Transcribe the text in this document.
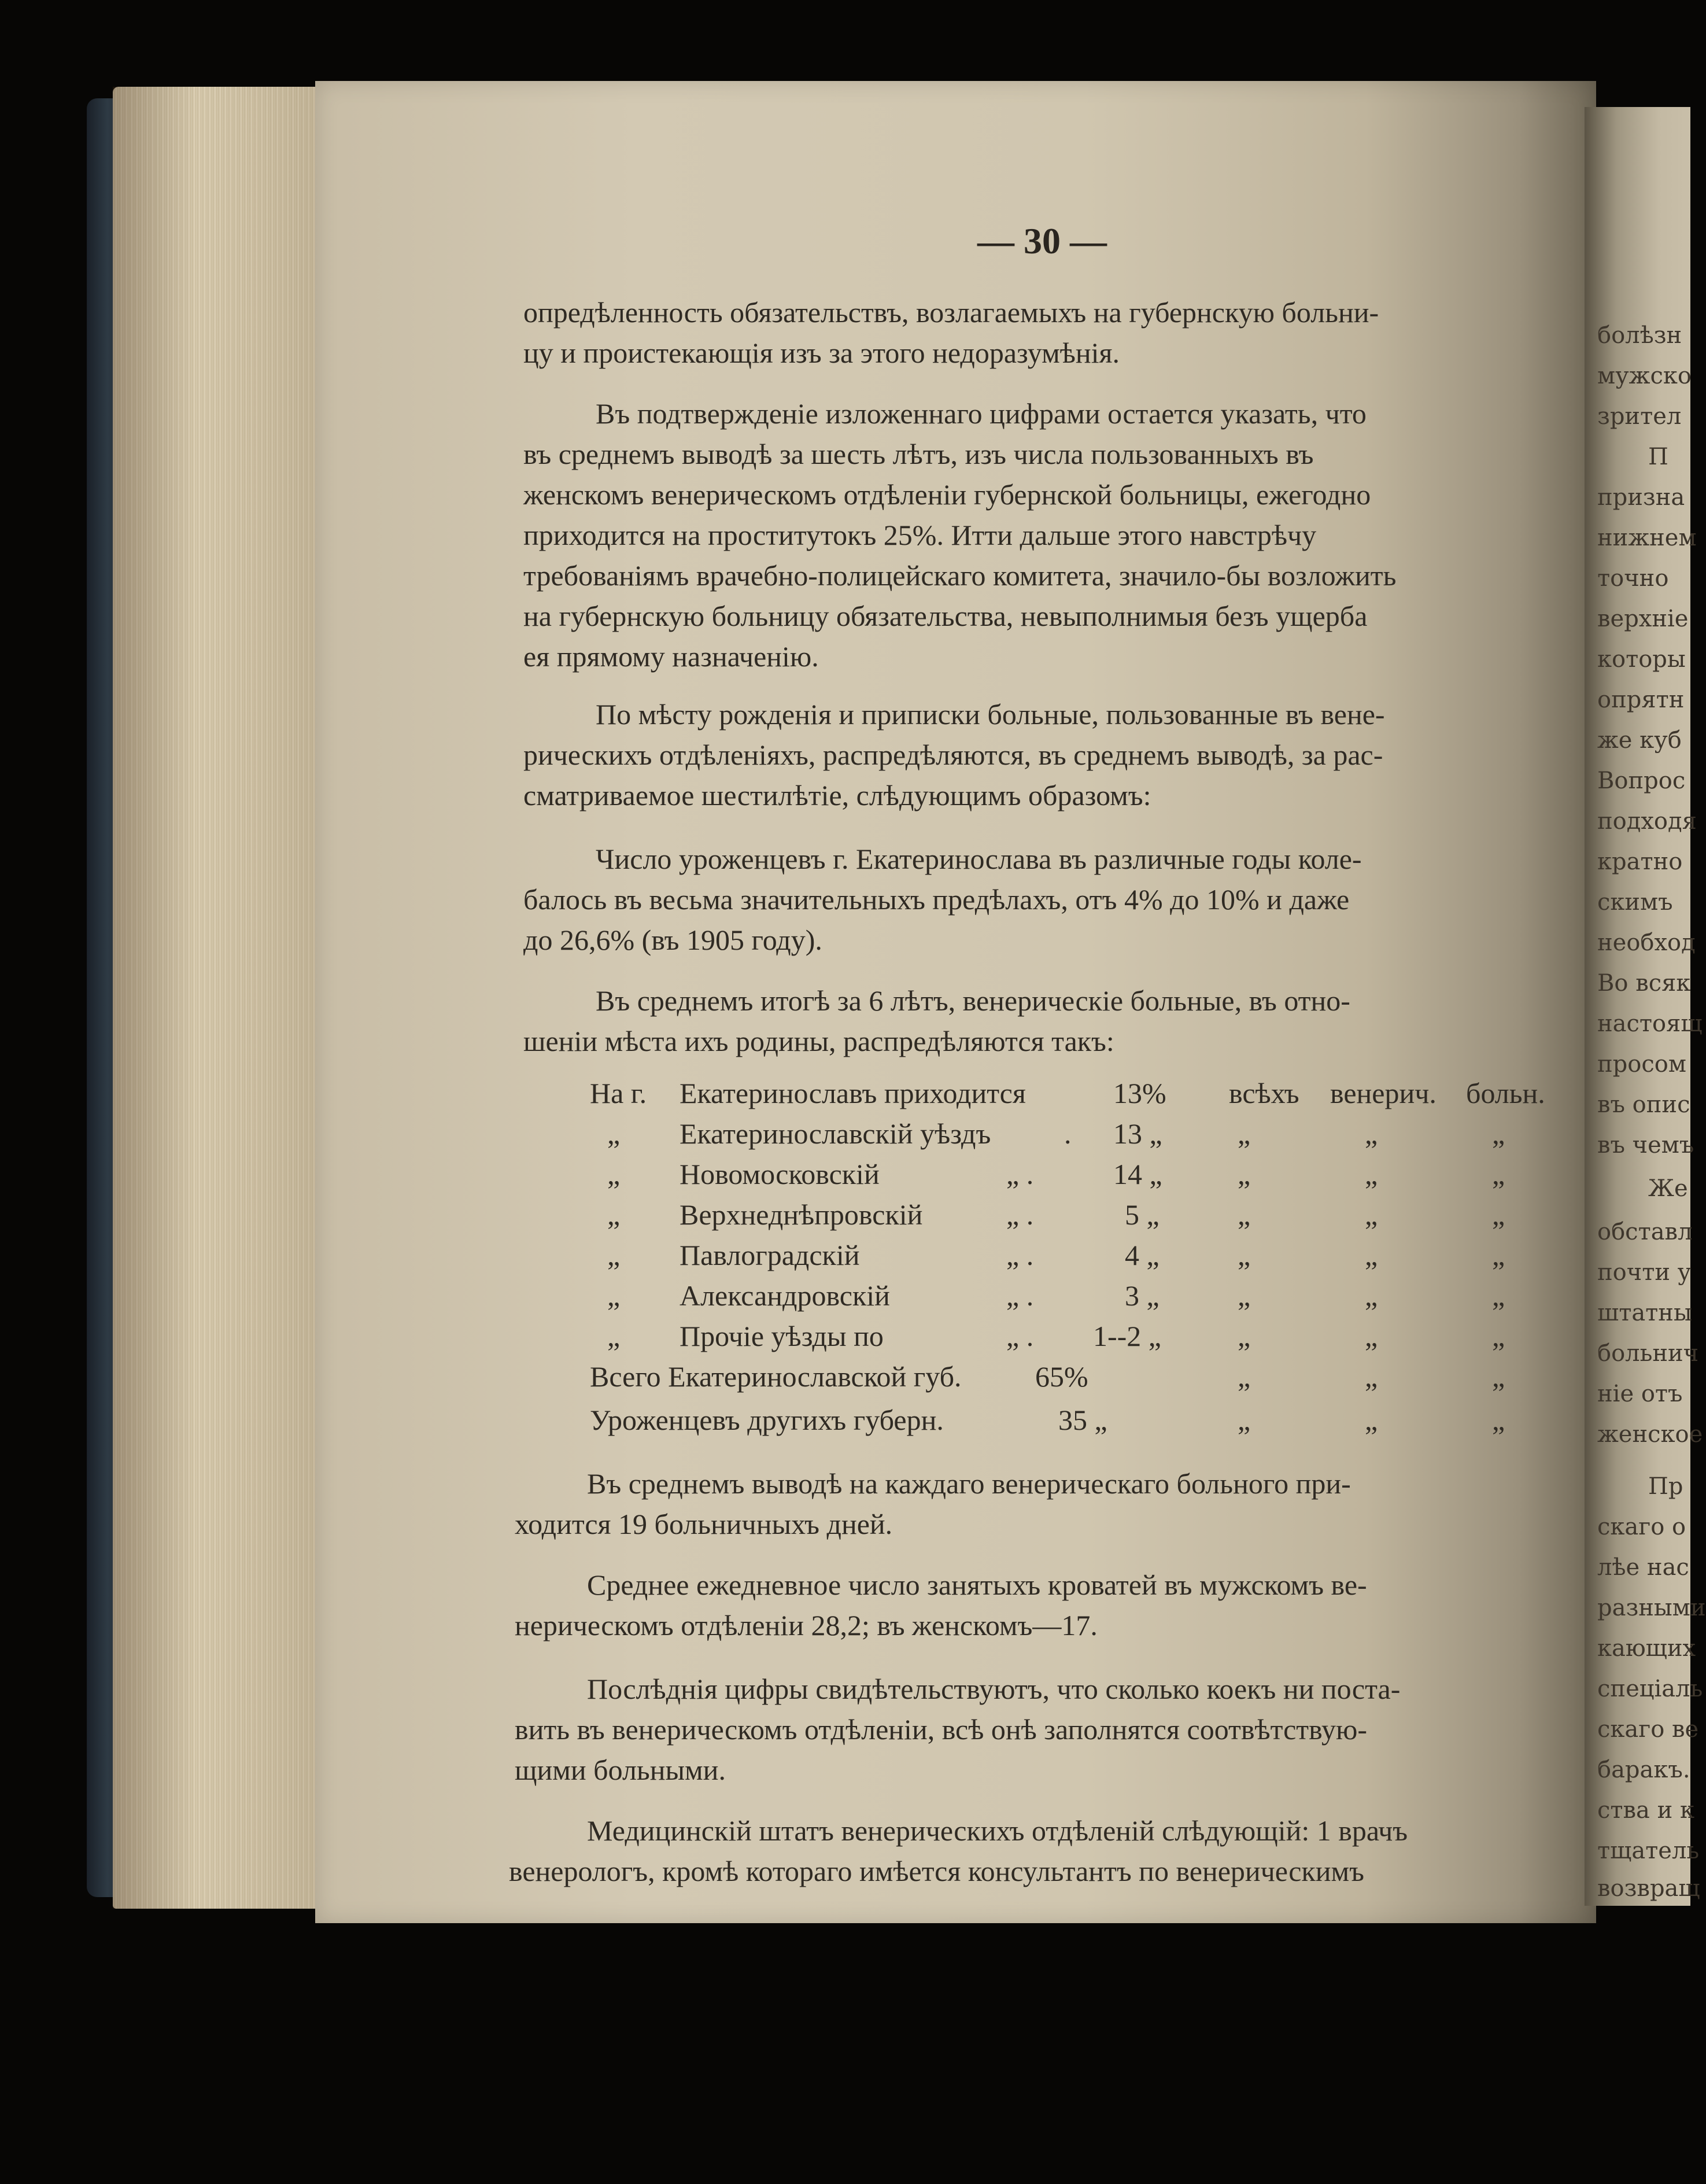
— 30 —
опредѣленность обязательствъ, возлагаемыхъ на губернскую больни-
цу и проистекающія изъ за этого недоразумѣнія.
Въ подтвержденіе изложеннаго цифрами остается указать, что
въ среднемъ выводѣ за шесть лѣтъ, изъ числа пользованныхъ въ
женскомъ венерическомъ отдѣленіи губернской больницы, ежегодно
приходится на проститутокъ 25%. Итти дальше этого навстрѣчу
требованіямъ врачебно-полицейскаго комитета, значило-бы возложить
на губернскую больницу обязательства, невыполнимыя безъ ущерба
ея прямому назначенію.
По мѣсту рожденія и приписки больные, пользованные въ вене-
рическихъ отдѣленіяхъ, распредѣляются, въ среднемъ выводѣ, за рас-
сматриваемое шестилѣтіе, слѣдующимъ образомъ:
Число уроженцевъ г. Екатеринослава въ различные годы коле-
балось въ весьма значительныхъ предѣлахъ, отъ 4% до 10% и даже
до 26,6% (въ 1905 году).
Въ среднемъ итогѣ за 6 лѣтъ, венерическіе больные, въ отно-
шеніи мѣста ихъ родины, распредѣляются такъ:
На г. Екатеринославъ приходится	13% всѣхъ венерич. больн.
„ Екатеринославскій уѣздъ	. 13 „	„	„	„
„ Новомосковскій	„ .	14 „	„	„	„
„ Верхнеднѣпровскій	„ .	5 „	„	„	„
„ Павлоградскій	„ .	4 „	„	„	„
„ Александровскій	„ .	3 „	„	„	„
„ Прочіе уѣзды по	„ . 1--2 „	„	„	„
Всего Екатеринославской губ.	65%	„	„	„
Уроженцевъ другихъ губерн.	35 „	„	„	„
Въ среднемъ выводѣ на каждаго венерическаго больного при-
ходится 19 больничныхъ дней.
Среднее ежедневное число занятыхъ кроватей въ мужскомъ ве-
нерическомъ отдѣленіи 28,2; въ женскомъ—17.
Послѣднія цифры свидѣтельствуютъ, что сколько коекъ ни поста-
вить въ венерическомъ отдѣленіи, всѣ онѣ заполнятся соотвѣтствую-
щими больными.
Медицинскій штатъ венерическихъ отдѣленій слѣдующій: 1 врачъ
венерологъ, кромѣ котораго имѣется консультантъ по венерическимъ
болѣзн
мужско
зрител
П
призна
нижнем
точно
верхніе
которы
опрятн
же куб
Вопрос
подходя
кратно
скимъ
необход
Во всяк
настоящ
просом
въ опис
въ чемъ
Же
обставл
почти у
штатны
больнич
ніе отъ
женское
Пр
скаго о
лѣе нас
разными
кающих
спеціаль
скаго ве
баракъ.
ства и к
тщатель
возвращ
